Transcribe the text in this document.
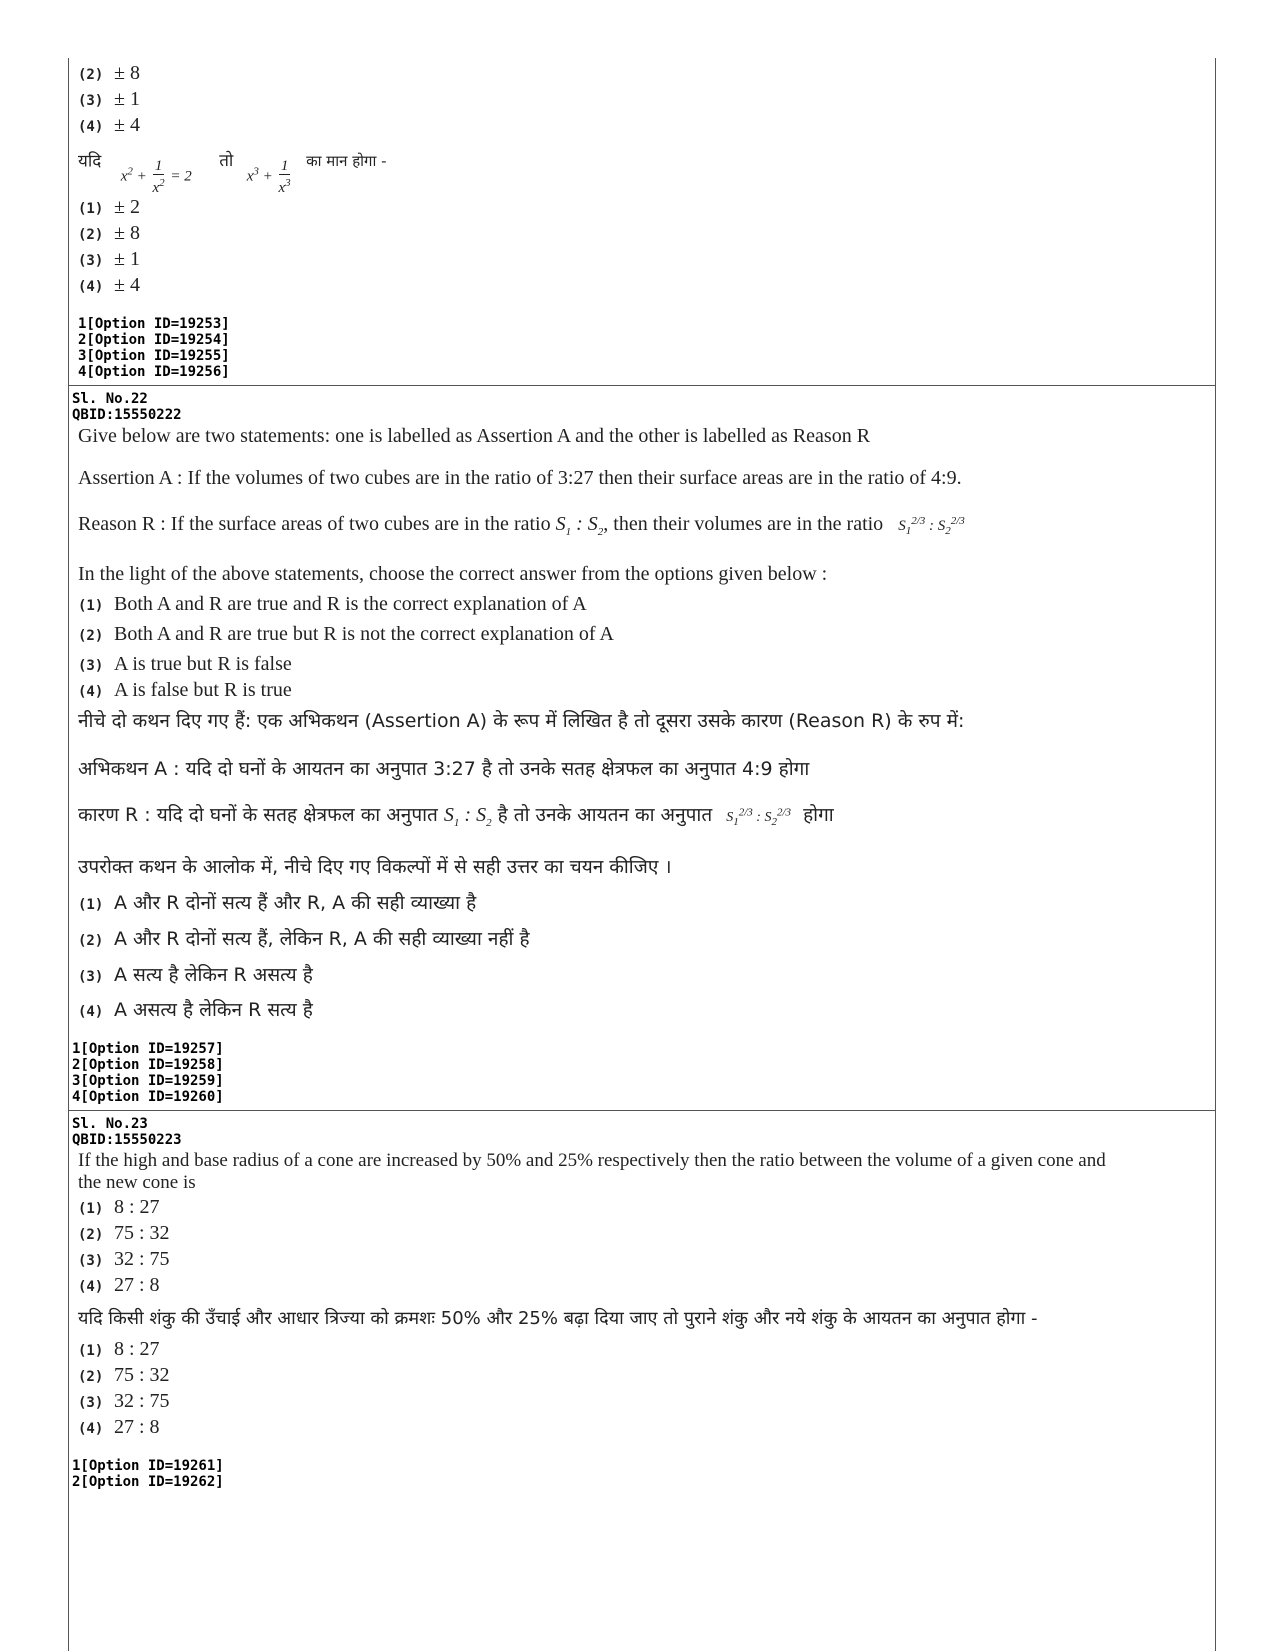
(2) ± 8
(3) ± 1
(4) ± 4
यदि $x^2 + \frac{1}{x^2} = 2$ तो $x^3 + \frac{1}{x^3}$ का मान होगा -
(1) ± 2
(2) ± 8
(3) ± 1
(4) ± 4
1[Option ID=19253]
2[Option ID=19254]
3[Option ID=19255]
4[Option ID=19256]
Sl. No.22
QBID:15550222
Give below are two statements: one is labelled as Assertion A and the other is labelled as Reason R
Assertion A : If the volumes of two cubes are in the ratio of 3:27 then their surface areas are in the ratio of 4:9.
Reason R : If the surface areas of two cubes are in the ratio $S_1$ : $S_2$, then their volumes are in the ratio $S_1^{2/3}$ : $S_2^{2/3}$
In the light of the above statements, choose the correct answer from the options given below :
(1) Both A and R are true and R is the correct explanation of A
(2) Both A and R are true but R is not the correct explanation of A
(3) A is true but R is false
(4) A is false but R is true
नीचे दो कथन दिए गए हैं: एक अभिकथन (Assertion A) के रूप में लिखित है तो दूसरा उसके कारण (Reason R) के रुप में:
अभिकथन A : यदि दो घनों के आयतन का अनुपात 3:27 है तो उनके सतह क्षेत्रफल का अनुपात 4:9 होगा
कारण R : यदि दो घनों के सतह क्षेत्रफल का अनुपात $S_1$ : $S_2$ है तो उनके आयतन का अनुपात $S_1^{2/3}$ : $S_2^{2/3}$ होगा
उपरोक्त कथन के आलोक में, नीचे दिए गए विकल्पों में से सही उत्तर का चयन कीजिए ।
(1) A और R दोनों सत्य हैं और R, A की सही व्याख्या है
(2) A और R दोनों सत्य हैं, लेकिन R, A की सही व्याख्या नहीं है
(3) A सत्य है लेकिन R असत्य है
(4) A असत्य है लेकिन R सत्य है
1[Option ID=19257]
2[Option ID=19258]
3[Option ID=19259]
4[Option ID=19260]
Sl. No.23
QBID:15550223
If the high and base radius of a cone are increased by 50% and 25% respectively then the ratio between the volume of a given cone and
the new cone is
(1) 8 : 27
(2) 75 : 32
(3) 32 : 75
(4) 27 : 8
यदि किसी शंकु की उँचाई और आधार त्रिज्या को क्रमशः 50% और 25% बढ़ा दिया जाए तो पुराने शंकु और नये शंकु के आयतन का अनुपात होगा -
(1) 8 : 27
(2) 75 : 32
(3) 32 : 75
(4) 27 : 8
1[Option ID=19261]
2[Option ID=19262]
